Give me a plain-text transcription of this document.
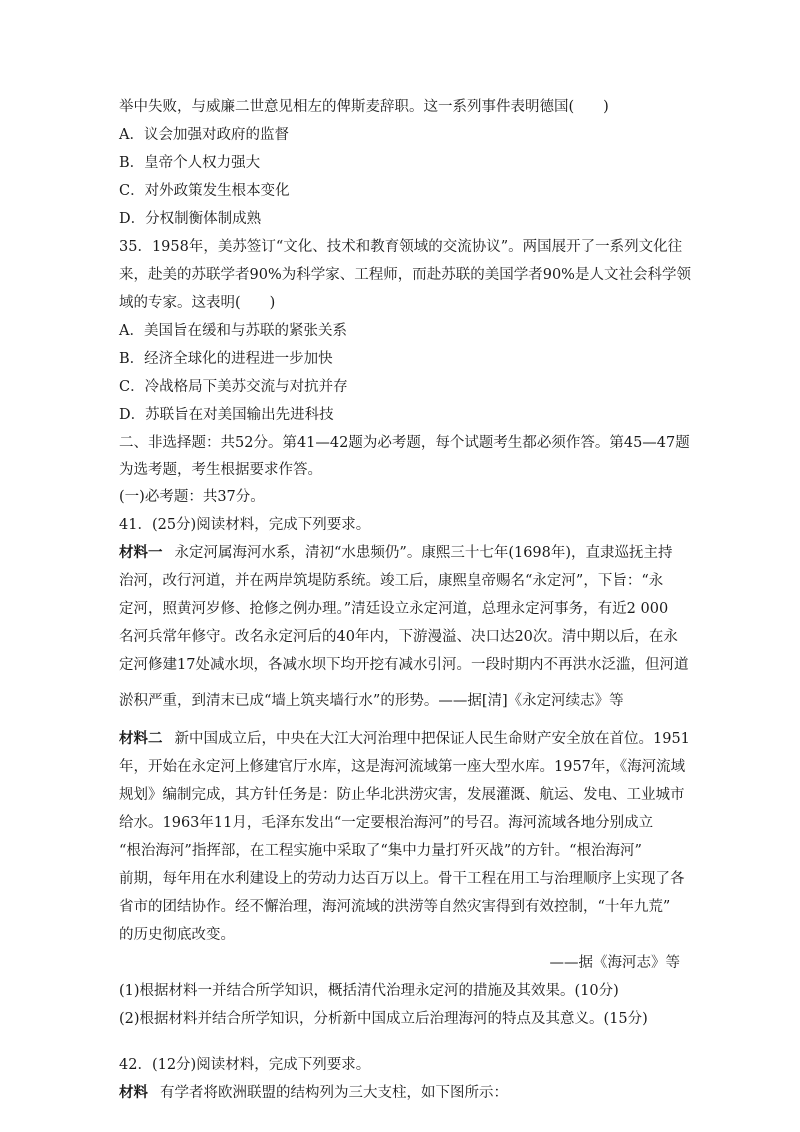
举中失败，与威廉二世意见相左的俾斯麦辞职。这一系列事件表明德国(　　)
A．议会加强对政府的监督
B．皇帝个人权力强大
C．对外政策发生根本变化
D．分权制衡体制成熟
35．1958年，美苏签订“文化、技术和教育领域的交流协议”。两国展开了一系列文化往
来，赴美的苏联学者90%为科学家、工程师，而赴苏联的美国学者90%是人文社会科学领
域的专家。这表明(　　)
A．美国旨在缓和与苏联的紧张关系
B．经济全球化的进程进一步加快
C．冷战格局下美苏交流与对抗并存
D．苏联旨在对美国输出先进科技
二、非选择题：共52分。第41—42题为必考题，每个试题考生都必须作答。第45—47题
为选考题，考生根据要求作答。
(一)必考题：共37分。
41．(25分)阅读材料，完成下列要求。
材料一 永定河属海河水系，清初“水患频仍”。康熙三十七年(1698年)，直隶巡抚主持
治河，改行河道，并在两岸筑堤防系统。竣工后，康熙皇帝赐名“永定河”，下旨：“永
定河，照黄河岁修、抢修之例办理。”清廷设立永定河道，总理永定河事务，有近2 000
名河兵常年修守。改名永定河后的40年内，下游漫溢、决口达20次。清中期以后，在永
定河修建17处减水坝，各减水坝下均开挖有减水引河。一段时期内不再洪水泛滥，但河道
淤积严重，到清末已成“墙上筑夹墙行水”的形势。——据[清]《永定河续志》等
材料二 新中国成立后，中央在大江大河治理中把保证人民生命财产安全放在首位。1951
年，开始在永定河上修建官厅水库，这是海河流域第一座大型水库。1957年，《海河流域
规划》编制完成，其方针任务是：防止华北洪涝灾害，发展灌溉、航运、发电、工业城市
给水。1963年11月，毛泽东发出“一定要根治海河”的号召。海河流域各地分别成立
“根治海河”指挥部，在工程实施中采取了“集中力量打歼灭战”的方针。“根治海河”
前期，每年用在水利建设上的劳动力达百万以上。骨干工程在用工与治理顺序上实现了各
省市的团结协作。经不懈治理，海河流域的洪涝等自然灾害得到有效控制，“十年九荒”
的历史彻底改变。
——据《海河志》等
(1)根据材料一并结合所学知识，概括清代治理永定河的措施及其效果。(10分)
(2)根据材料并结合所学知识，分析新中国成立后治理海河的特点及其意义。(15分)
42．(12分)阅读材料，完成下列要求。
材料 有学者将欧洲联盟的结构列为三大支柱，如下图所示：
